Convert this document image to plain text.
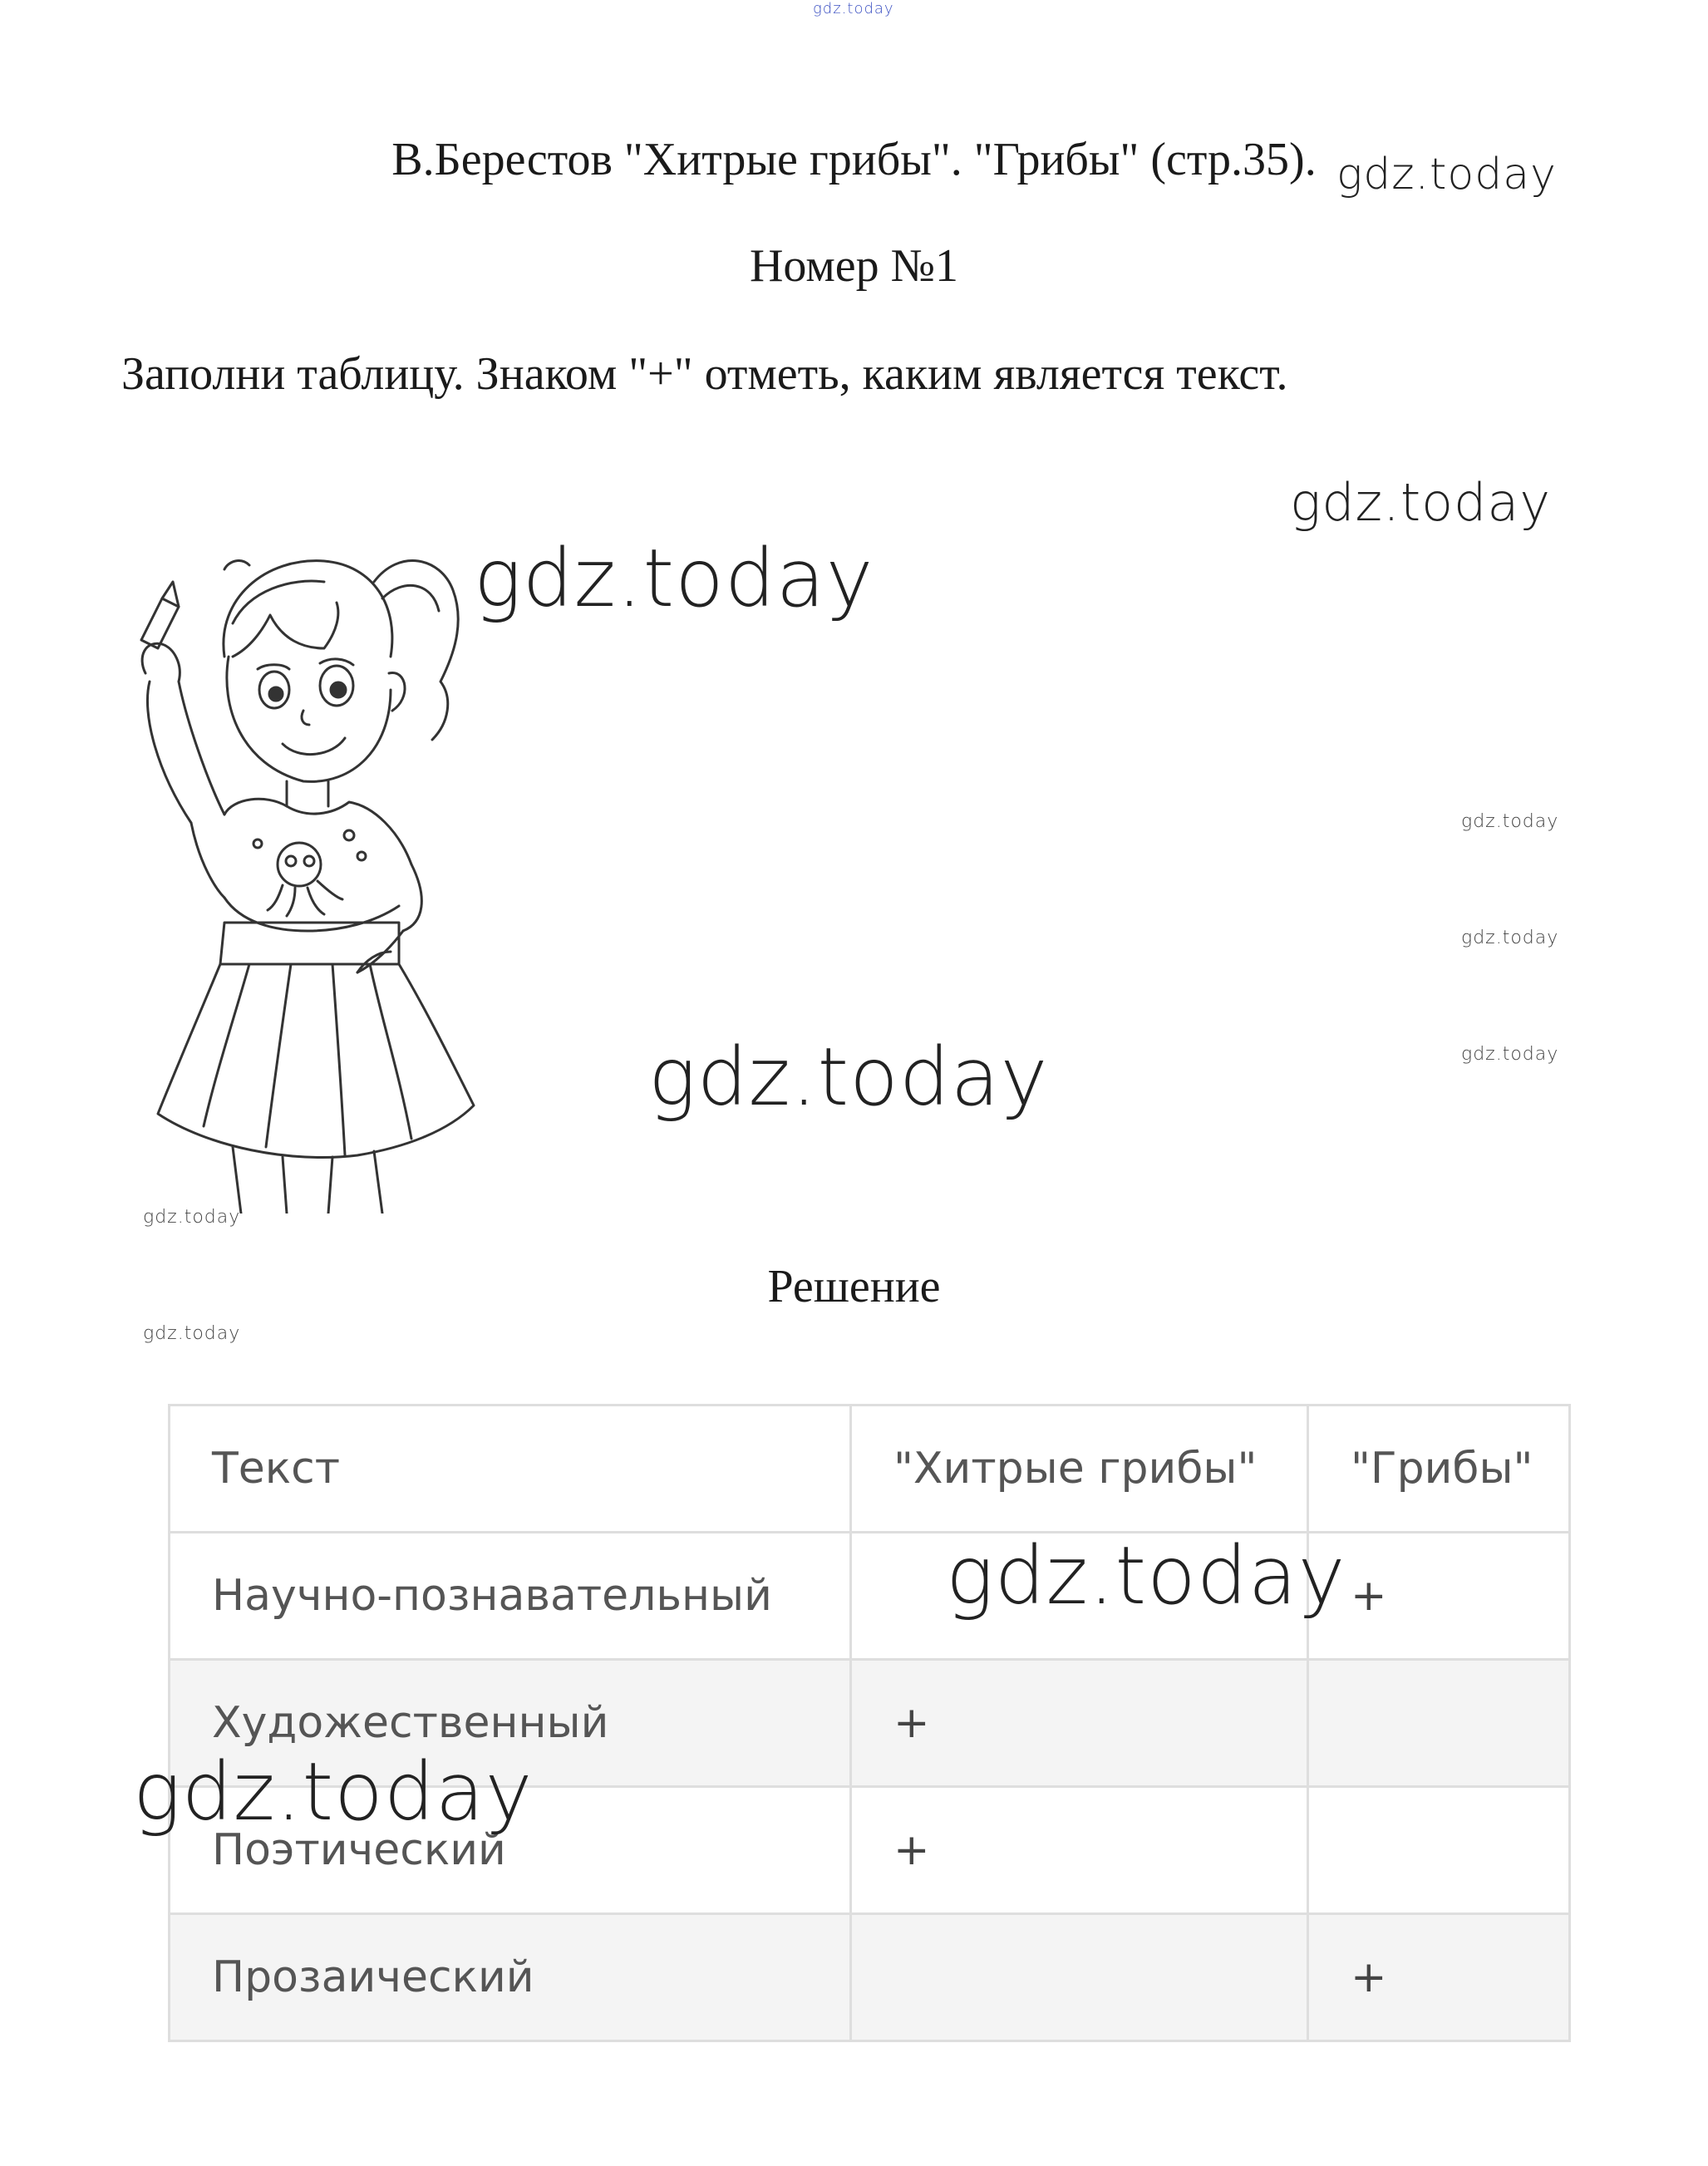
gdz.today
В.Берестов "Хитрые грибы". "Грибы" (стр.35). gdz.today
Номер №1
Заполни таблицу. Знаком "+" отметь, каким является текст.
gdz.today
gdz.today
gdz.today
gdz.today
gdz.today
gdz.today
gdz.today
gdz.today
Решение
Текст	"Хитрые грибы"	"Грибы"
Научно-познавательный		+
Художественный	+	
Поэтический	+	
Прозаический		+
gdz.today
gdz.today
